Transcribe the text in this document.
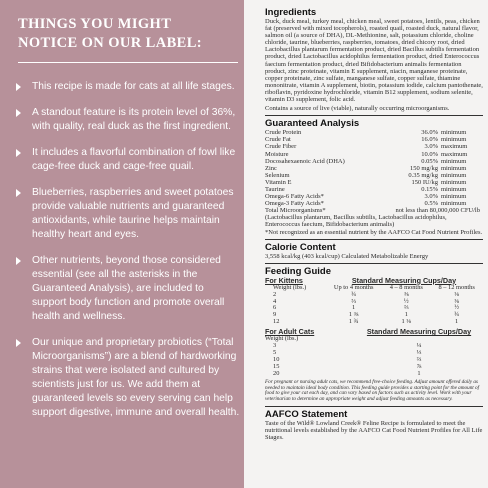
THINGS YOU MIGHT
NOTICE ON OUR LABEL:
This recipe is made for cats at all life stages.
A standout feature is its protein level of 36%, with quality, real duck as the first ingredient.
It includes a flavorful combination of fowl like cage-free duck and cage-free quail.
Blueberries, raspberries and sweet potatoes provide valuable nutrients and guaranteed antioxidants, while taurine helps maintain healthy heart and eyes.
Other nutrients, beyond those considered essential (see all the asterisks in the Guaranteed Analysis), are included to support body function and promote overall health and wellness.
Our unique and proprietary probiotics (“Total Microorganisms”) are a blend of hardworking strains that were isolated and cultured by scientists just for us. We add them at guaranteed levels so every serving can help support digestive, immune and overall health.
Ingredients

Duck, duck meal, turkey meal, chicken meal, sweet potatoes, lentils, peas, chicken fat (preserved with mixed tocopherols), roasted quail, roasted duck, natural flavor, salmon oil (a source of DHA), DL-Methionine, salt, potassium chloride, choline chloride, taurine, blueberries, raspberries, tomatoes, dried chicory root, dried Lactobacillus plantarum fermentation product, dried Bacillus subtilis fermentation product, dried Lactobacillus acidophilus fermentation product, dried Enterococcus faecium fermentation product, dried Bifidobacterium animalis fermentation product, zinc proteinate, vitamin E supplement, niacin, manganese proteinate, copper proteinate, zinc sulfate, manganese sulfate, copper sulfate, thiamine mononitrate, vitamin A supplement, biotin, potassium iodide, calcium pantothenate, riboflavin, pyridoxine hydrochloride, vitamin B12 supplement, sodium selenite, vitamin D3 supplement, folic acid.

Contains a source of live (viable), naturally occurring microorganisms.

Guaranteed Analysis
Crude Protein	36.0%	minimum
Crude Fat	16.0%	minimum
Crude Fiber	3.0%	maximum
Moisture	10.0%	maximum
Docosahexaenoic Acid (DHA)	0.05%	minimum
Zinc	150 mg/kg	minimum
Selenium	0.35 mg/kg	minimum
Vitamin E	150 IU/kg	minimum
Taurine	0.15%	minimum
Omega-6 Fatty Acids*	3.0%	minimum
Omega-3 Fatty Acids*	0.5%	minimum
Total Microorganisms*	not less than 80,000,000 CFU/lb	

(Lactobacillus plantarum, Bacillus subtilis, Lactobacillus acidophilus, Enterococcus faecium, Bifidobacterium animalis)

*Not recognized as an essential nutrient by the AAFCO Cat Food Nutrient Profiles.

Calorie Content

3,558 kcal/kg (403 kcal/cup) Calculated Metabolizable Energy

Feeding Guide
For Kittens	Standard Measuring Cups/Day		
Weight (lbs.)	Up to 4 months	4 – 8 months	8 – 12 months
2	¾	⅜	⅛
4	⅔	½	⅜
6	1	⅔	½
9	1 ⅜	1	¾
12	1 ¾	1 ⅛	1
For Adult Cats	Standard Measuring Cups/Day
Weight (lbs.)	
3	¼
5	⅓
10	⅔
15	⅞
20	1

For pregnant or nursing adult cats, we recommend free-choice feeding. Adjust amount offered daily as needed to maintain ideal body condition. This feeding guide provides a starting point for the amount of food to give your cat each day, and can vary based on factors such as activity level. Work with your veterinarian to determine an appropriate weight and adjust feeding amounts as necessary.

AAFCO Statement

Taste of the Wild® Lowland Creek® Feline Recipe is formulated to meet the nutritional levels established by the AAFCO Cat Food Nutrient Profiles for All Life Stages.
